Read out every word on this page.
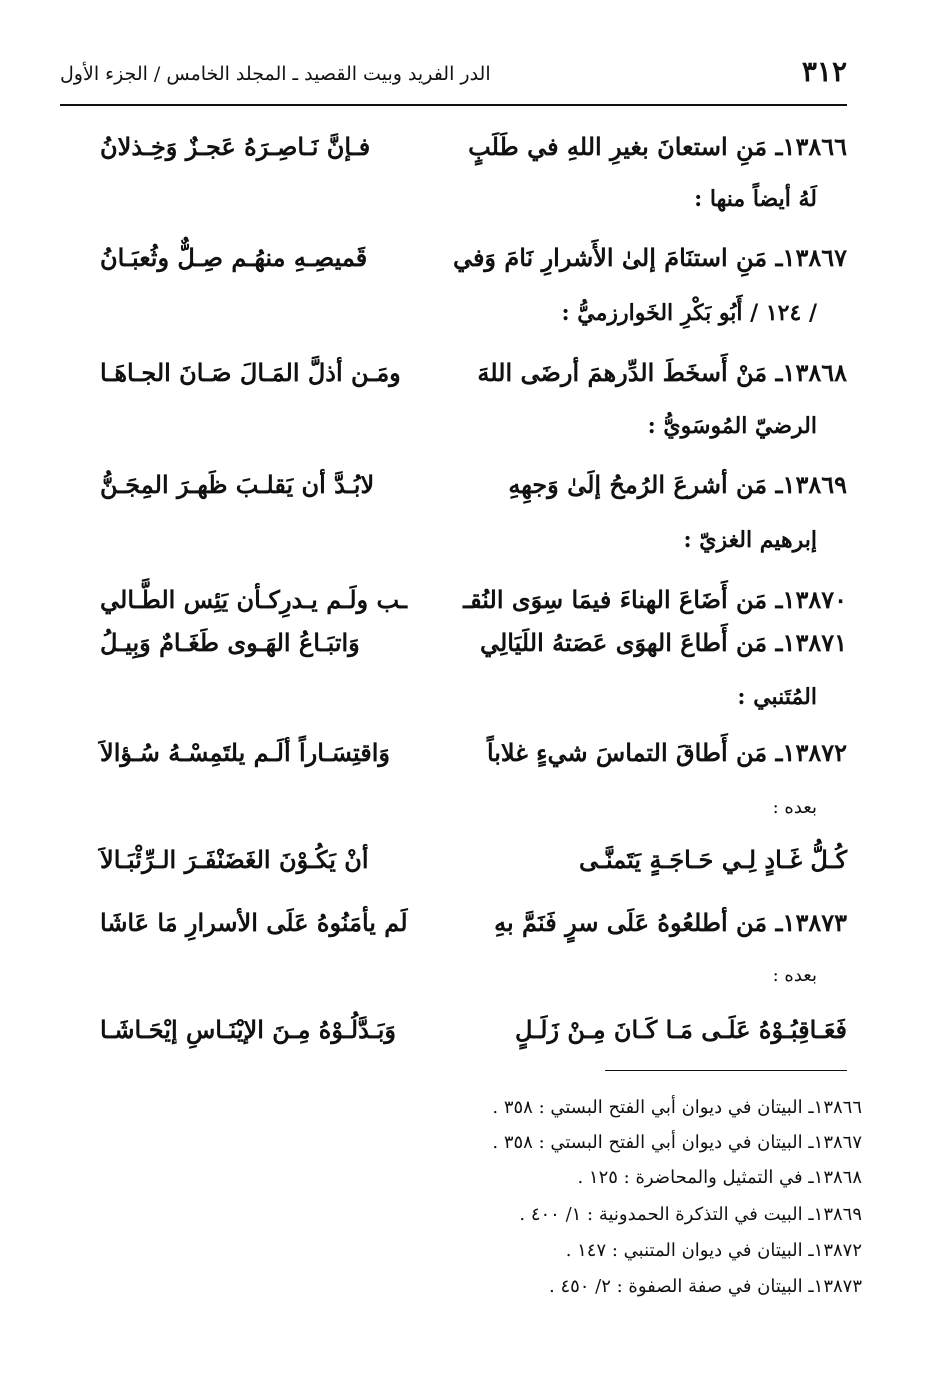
٣١٢
الدر الفريد وبيت القصيد ـ المجلد الخامس / الجزء الأول
١٣٨٦٦ـ مَنِ استعانَ بغيرِ اللهِ في طَلَبٍ
فـإنَّ نَـاصِـرَهُ عَجـزٌ وَخِـذلانُ
لَهُ أيضاً منها :
١٣٨٦٧ـ مَنِ استنَامَ إلىٰ الأَشرارِ نَامَ وَفي
قَميصِـهِ منهُـم صِـلٌّ وثُعبَـانُ
/ ١٢٤ / أَبُو بَكْرِ الخَوارزميُّ :
١٣٨٦٨ـ مَنْ أَسخَطَ الدِّرهمَ أرضَى اللهَ
ومَـن أذلَّ المَـالَ صَـانَ الجـاهَـا
الرضيّ المُوسَويُّ :
١٣٨٦٩ـ مَن أشرعَ الرُمحُ إلَىٰ وَجهِهِ
لابُـدَّ أن يَقلـبَ ظَهـرَ المِجَـنُّ
إبرهيم الغزيّ :
١٣٨٧٠ـ مَن أَضَاعَ الهناءَ فيمَا سِوَى النُقـ
ـب ولَـم يـدرِكـأن يَئِس الطَّـالي
١٣٨٧١ـ مَن أَطاعَ الهوَى عَصَتهُ اللَيَالِي
وَاتبَـاعُ الهَـوى طَغَـامٌ وَبِيـلُ
المُتَنبي :
١٣٨٧٢ـ مَن أَطاقَ التماسَ شيءٍ غلاباً
وَاقتِسَـاراً ألَـم يلتَمِسْـهُ سُـؤالاَ
بعده :
كُـلُّ غَـادٍ لِـي حَـاجَـةٍ يَتَمنَّـى
أنْ يَكُـوْنَ الغَضَنْفَـرَ الـرِّئْبَـالاَ
١٣٨٧٣ـ مَن أطلعُوهُ عَلَى سرٍ فَنَمَّ بهِ
لَم يأمَنُوهُ عَلَى الأسرارِ مَا عَاشَا
بعده :
فَعَـاقِبُـوْهُ عَلَـى مَـا كَـانَ مِـنْ زَلَـلٍ
وَبَـدَّلُـوْهُ مِـنَ الإيْنَـاسِ إيْحَـاشَـا
١٣٨٦٦ـ البيتان في ديوان أبي الفتح البستي : ٣٥٨ .
١٣٨٦٧ـ البيتان في ديوان أبي الفتح البستي : ٣٥٨ .
١٣٨٦٨ـ في التمثيل والمحاضرة : ١٢٥ .
١٣٨٦٩ـ البيت في التذكرة الحمدونية : ١/ ٤٠٠ .
١٣٨٧٢ـ البيتان في ديوان المتنبي : ١٤٧ .
١٣٨٧٣ـ البيتان في صفة الصفوة : ٢/ ٤٥٠ .
